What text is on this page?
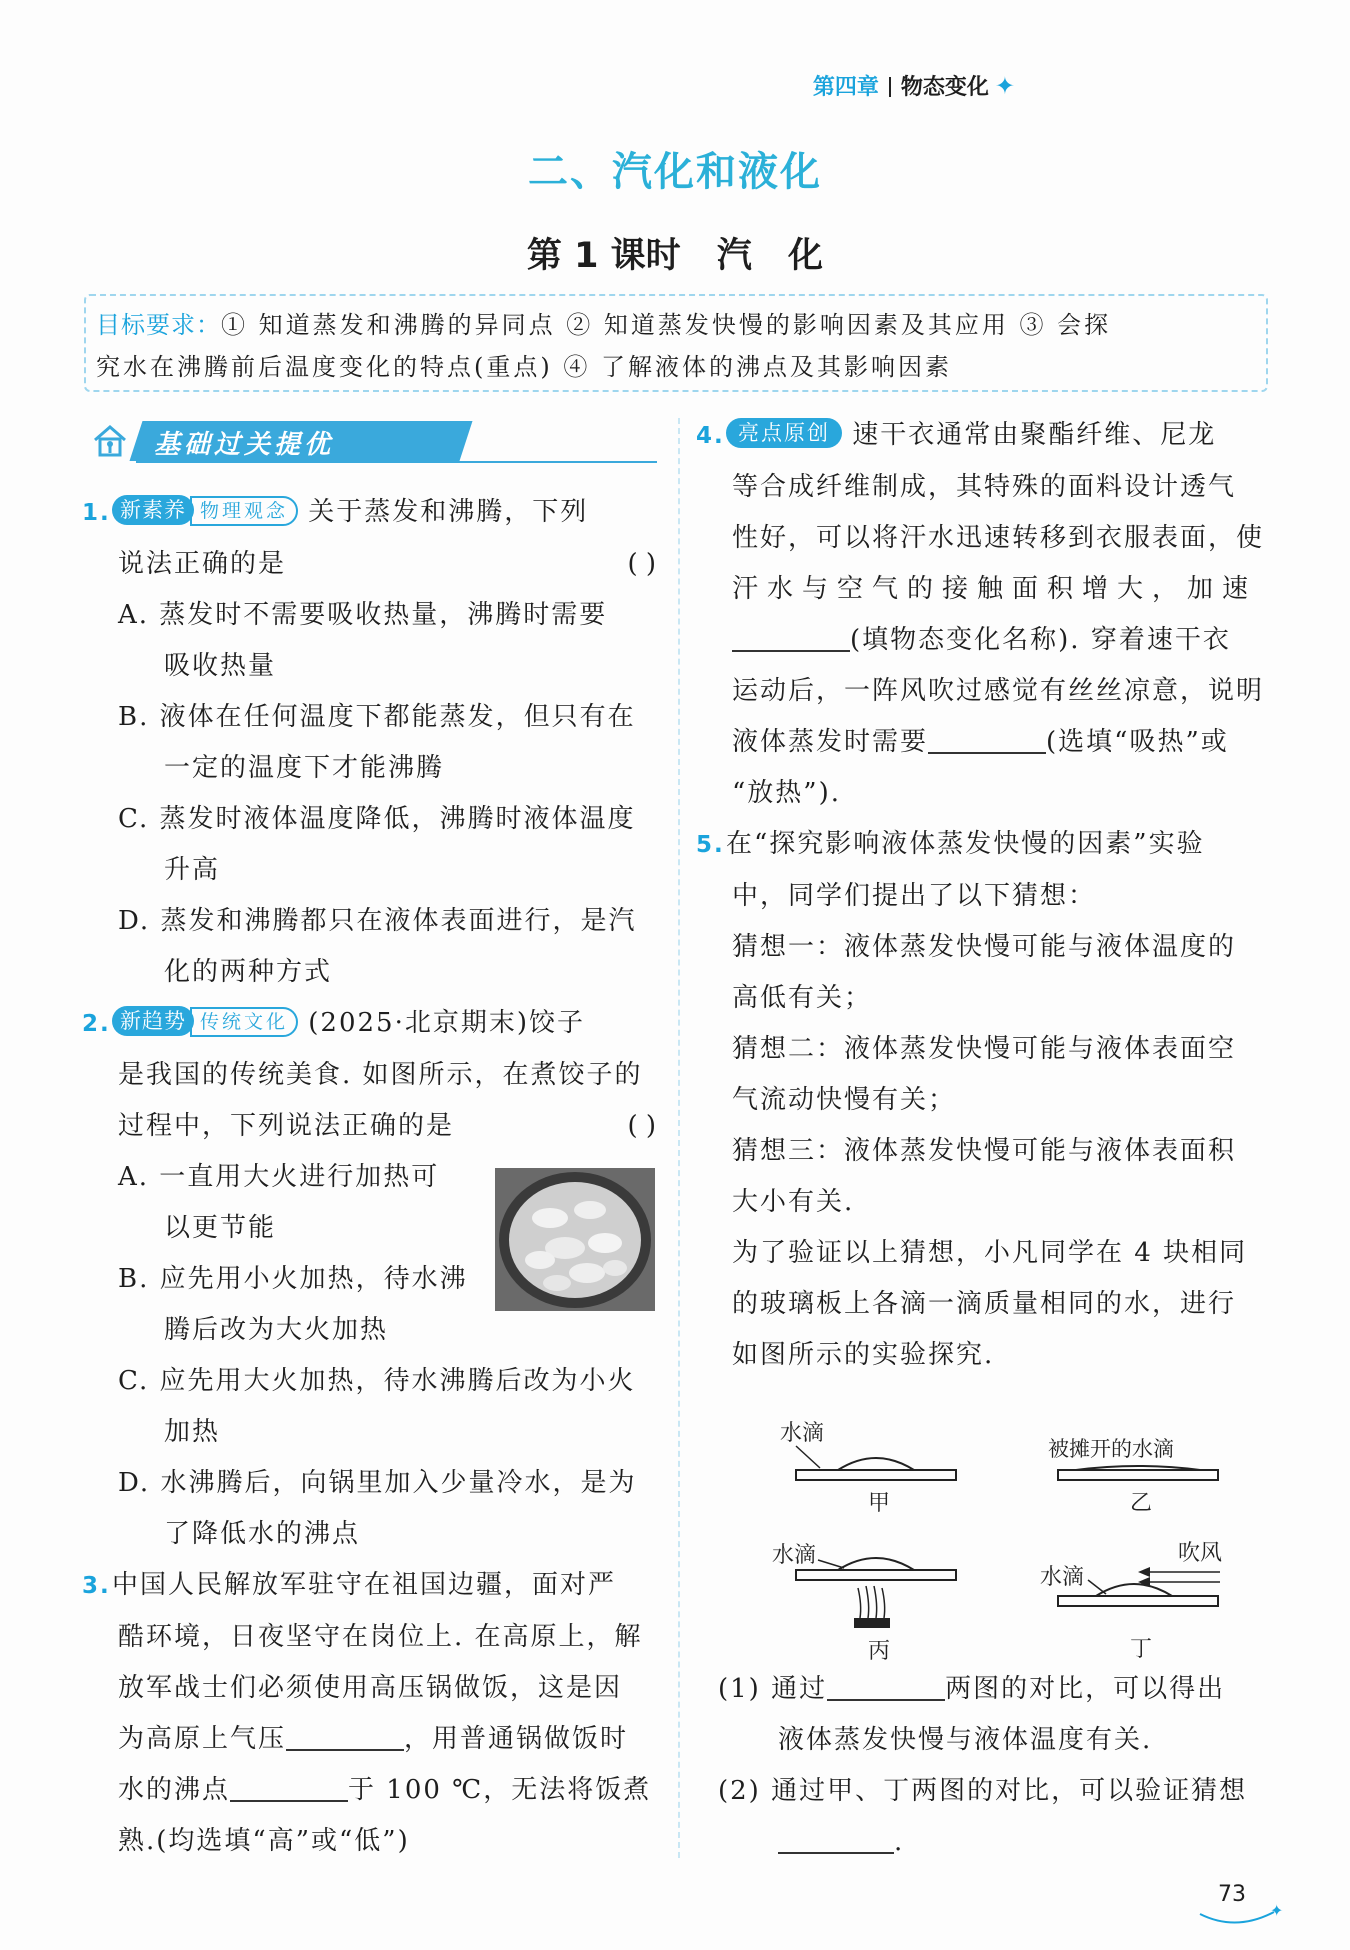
第四章 物态变化 ✦
二、汽化和液化
第 1 课时 汽 化
目标要求：① 知道蒸发和沸腾的异同点 ② 知道蒸发快慢的影响因素及其应用 ③ 会探
究水在沸腾前后温度变化的特点(重点) ④ 了解液体的沸点及其影响因素
基础过关提优
1. 新素养 物理观念 关于蒸发和沸腾，下列
说法正确的是	( )
A. 蒸发时不需要吸收热量，沸腾时需要
吸收热量
B. 液体在任何温度下都能蒸发，但只有在
一定的温度下才能沸腾
C. 蒸发时液体温度降低，沸腾时液体温度
升高
D. 蒸发和沸腾都只在液体表面进行，是汽
化的两种方式
2. 新趋势 传统文化 (2025·北京期末)饺子
是我国的传统美食. 如图所示，在煮饺子的
过程中，下列说法正确的是	( )
A. 一直用大火进行加热可
以更节能
B. 应先用小火加热，待水沸
腾后改为大火加热
C. 应先用大火加热，待水沸腾后改为小火
加热
D. 水沸腾后，向锅里加入少量冷水，是为
了降低水的沸点
3.中国人民解放军驻守在祖国边疆，面对严
酷环境，日夜坚守在岗位上. 在高原上，解
放军战士们必须使用高压锅做饭，这是因
为高原上气压	，用普通锅做饭时
水的沸点	于 100 ℃，无法将饭煮
熟.(均选填“高”或“低”)
4. 亮点原创 速干衣通常由聚酯纤维、尼龙
等合成纤维制成，其特殊的面料设计透气
性好，可以将汗水迅速转移到衣服表面，使
汗水与空气的接触面积增大，加速
(填物态变化名称). 穿着速干衣
运动后，一阵风吹过感觉有丝丝凉意，说明
液体蒸发时需要	(选填“吸热”或
“放热”).
5.在“探究影响液体蒸发快慢的因素”实验
中，同学们提出了以下猜想：
猜想一：液体蒸发快慢可能与液体温度的
高低有关；
猜想二：液体蒸发快慢可能与液体表面空
气流动快慢有关；
猜想三：液体蒸发快慢可能与液体表面积
大小有关.
为了验证以上猜想，小凡同学在 4 块相同
的玻璃板上各滴一滴质量相同的水，进行
如图所示的实验探究.
水滴
甲
被摊开的水滴
乙
水滴
丙
水滴
吹风
丁
(1) 通过	两图的对比，可以得出
液体蒸发快慢与液体温度有关.
(2) 通过甲、丁两图的对比，可以验证猜想
.
✦
73
